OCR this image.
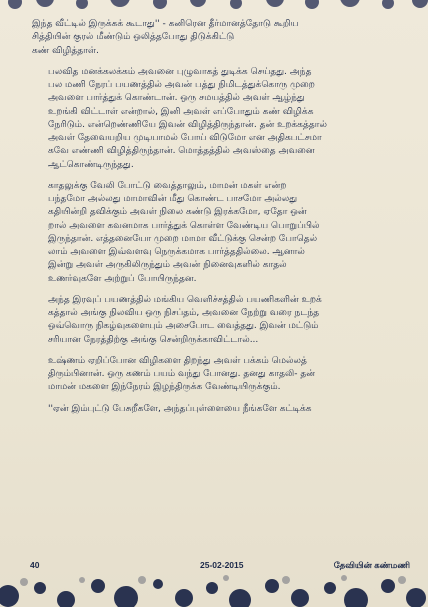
இந்த வீட்டில் இருக்கக் கூடாது'' - கனிரென தீர்மானத்தோடு கூறிய
சித்தியின் குரல் மீண்டும் ஒலித்தபோது திடுக்கிட்டு
கண் விழித்தாள்.

பலவித மனக்கலக்கம் அவனை புழுவாகத் துடிக்க செய்தது. அந்த
பல மணி நேரப் பயணத்தில் அவன் பத்து நிமிடத்துக்கொரு முறை
அவளை பார்த்துக் கொண்டான். ஒரு சமயத்தில் அவள் ஆழ்ந்து
உறங்கி விட்டாள் என்றால், இனி அவள் எப்போதும் கண் விழிக்க
நேரிடும். என்றெண்ணியே இவன் விழித்திருந்தான். தன் உறக்கத்தால்
அவள் தேவையறிய முடியாமல் போய் விடுமோ என அதிகபட்சமா
கவே எண்ணி விழித்திருந்தான். மொத்தத்தில் அவஸ்தை அவனை
ஆட்கொண்டிருந்தது.

காதலுக்கு வேலி போட்டு வைத்தாலும், மாமன் மகள் என்ற
பந்தமோ அல்லது மாமாவின் மீது கொண்ட பாசமோ அல்லது
கதியின்றி தவிக்கும் அவள் நிலை கண்டு இரக்கமோ, ஏதோ ஒன்
றால் அவளை கவனமாக பார்த்துக் கொள்ள வேண்டிய பொறுப்பில்
இருந்தான். எத்தனையோ முறை மாமா வீட்டுக்கு சென்ற போதெல்
லாம் அவளை இவ்வளவு நெருக்கமாக பார்த்ததில்லை. ஆனால்
இன்று அவள் அருகிலிருந்தும் அவன் நினைவுகளில் காதல்
உணர்வுகளே அற்றுப் போயிருந்தன.

அந்த இரவுப் பயணத்தில் மங்கிய வெளிச்சத்தில் பயணிகளின் உறக்
கத்தால் அங்கு நிலவிய ஒரு நிசப்தம், அவனை நேற்று வரை நடந்த
ஒவ்வொரு நிகழ்வுகளையும் அசைபோட வைத்தது. இவன் மட்டும்
சரியான நேரத்திற்கு அங்கு சென்றிருக்காவிட்டால்...

உஷ்ணம் ஏறிப்போன விழிகளை திறந்து அவள் பக்கம் மெல்லத்
திரும்பினான். ஒரு கணம் பயம் வந்து போனது. தனது காதலி- தன்
மாமன் மகளை இந்நேரம் இழந்திருக்க வேண்டியிருக்கும்.

''ஏன் இம்புட்டு பேசுறீகளே, அந்தப்புள்ளையை நீங்களே கட்டிக்க

40	25-02-2015	தேவியின் கண்மணி
